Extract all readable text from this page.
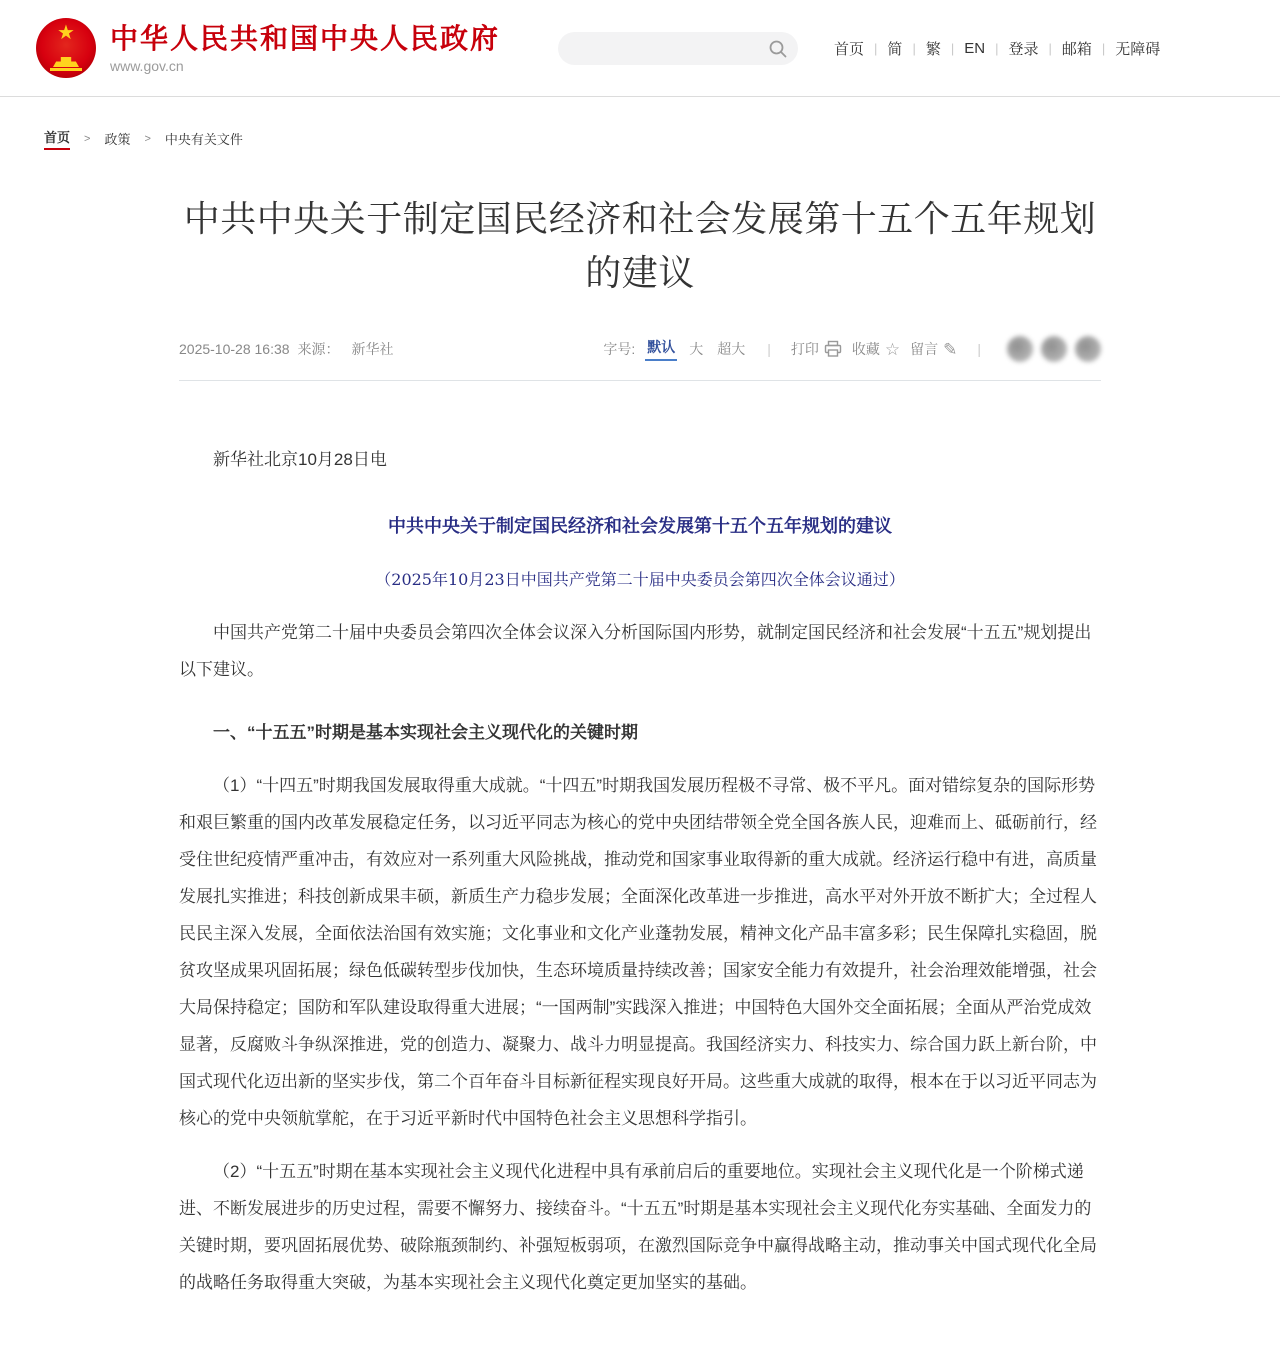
★ 中华人民共和国中央人民政府
www.gov.cn
首页 | 简 | 繁 | EN | 登录 | 邮箱 | 无障碍
首页 > 政策 > 中央有关文件
中共中央关于制定国民经济和社会发展第十五个五年规划的建议
2025-10-28 16:38 来源： 新华社	字号: 默认 大 超大 | 打印 收藏 ☆ 留言 ✎ |

新华社北京10月28日电

中共中央关于制定国民经济和社会发展第十五个五年规划的建议

（2025年10月23日中国共产党第二十届中央委员会第四次全体会议通过）

中国共产党第二十届中央委员会第四次全体会议深入分析国际国内形势，就制定国民经济和社会发展“十五五”规划提出以下建议。

一、“十五五”时期是基本实现社会主义现代化的关键时期

（1）“十四五”时期我国发展取得重大成就。“十四五”时期我国发展历程极不寻常、极不平凡。面对错综复杂的国际形势和艰巨繁重的国内改革发展稳定任务，以习近平同志为核心的党中央团结带领全党全国各族人民，迎难而上、砥砺前行，经受住世纪疫情严重冲击，有效应对一系列重大风险挑战，推动党和国家事业取得新的重大成就。经济运行稳中有进，高质量发展扎实推进；科技创新成果丰硕，新质生产力稳步发展；全面深化改革进一步推进，高水平对外开放不断扩大；全过程人民民主深入发展，全面依法治国有效实施；文化事业和文化产业蓬勃发展，精神文化产品丰富多彩；民生保障扎实稳固，脱贫攻坚成果巩固拓展；绿色低碳转型步伐加快，生态环境质量持续改善；国家安全能力有效提升，社会治理效能增强，社会大局保持稳定；国防和军队建设取得重大进展；“一国两制”实践深入推进；中国特色大国外交全面拓展；全面从严治党成效显著，反腐败斗争纵深推进，党的创造力、凝聚力、战斗力明显提高。我国经济实力、科技实力、综合国力跃上新台阶，中国式现代化迈出新的坚实步伐，第二个百年奋斗目标新征程实现良好开局。这些重大成就的取得，根本在于以习近平同志为核心的党中央领航掌舵，在于习近平新时代中国特色社会主义思想科学指引。

（2）“十五五”时期在基本实现社会主义现代化进程中具有承前启后的重要地位。实现社会主义现代化是一个阶梯式递进、不断发展进步的历史过程，需要不懈努力、接续奋斗。“十五五”时期是基本实现社会主义现代化夯实基础、全面发力的关键时期，要巩固拓展优势、破除瓶颈制约、补强短板弱项，在激烈国际竞争中赢得战略主动，推动事关中国式现代化全局的战略任务取得重大突破，为基本实现社会主义现代化奠定更加坚实的基础。
